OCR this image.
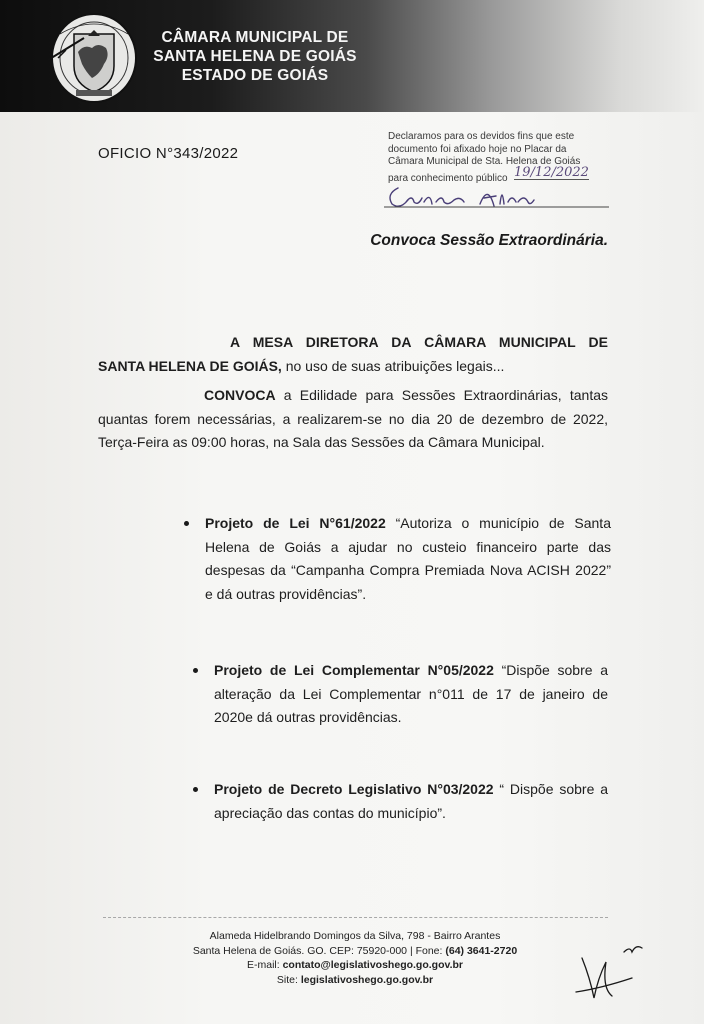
CÂMARA MUNICIPAL DE
SANTA HELENA DE GOIÁS
ESTADO DE GOIÁS
OFICIO N°343/2022
Declaramos para os devidos fins que este
documento foi afixado hoje no Placar da
Câmara Municipal de Sta. Helena de Goiás
para conhecimento público 19/12/2022
Convoca Sessão Extraordinária.
A MESA DIRETORA DA CÂMARA MUNICIPAL DE
SANTA HELENA DE GOIÁS, no uso de suas atribuições legais...
CONVOCA a Edilidade para Sessões Extraordinárias, tantas quantas forem necessárias, a realizarem-se no dia 20 de dezembro de 2022, Terça-Feira as 09:00 horas, na Sala das Sessões da Câmara Municipal.
Projeto de Lei N°61/2022 “Autoriza o município de Santa Helena de Goiás a ajudar no custeio financeiro parte das despesas da “Campanha Compra Premiada Nova ACISH 2022” e dá outras providências”.
Projeto de Lei Complementar N°05/2022 “Dispõe sobre a alteração da Lei Complementar n°011 de 17 de janeiro de 2020e dá outras providências.
Projeto de Decreto Legislativo N°03/2022 “ Dispõe sobre a apreciação das contas do município”.
Alameda Hidelbrando Domingos da Silva, 798 - Bairro Arantes
Santa Helena de Goiás. GO. CEP: 75920-000 | Fone: (64) 3641-2720
E-mail: contato@legislativoshego.go.gov.br
Site: legislativoshego.go.gov.br
